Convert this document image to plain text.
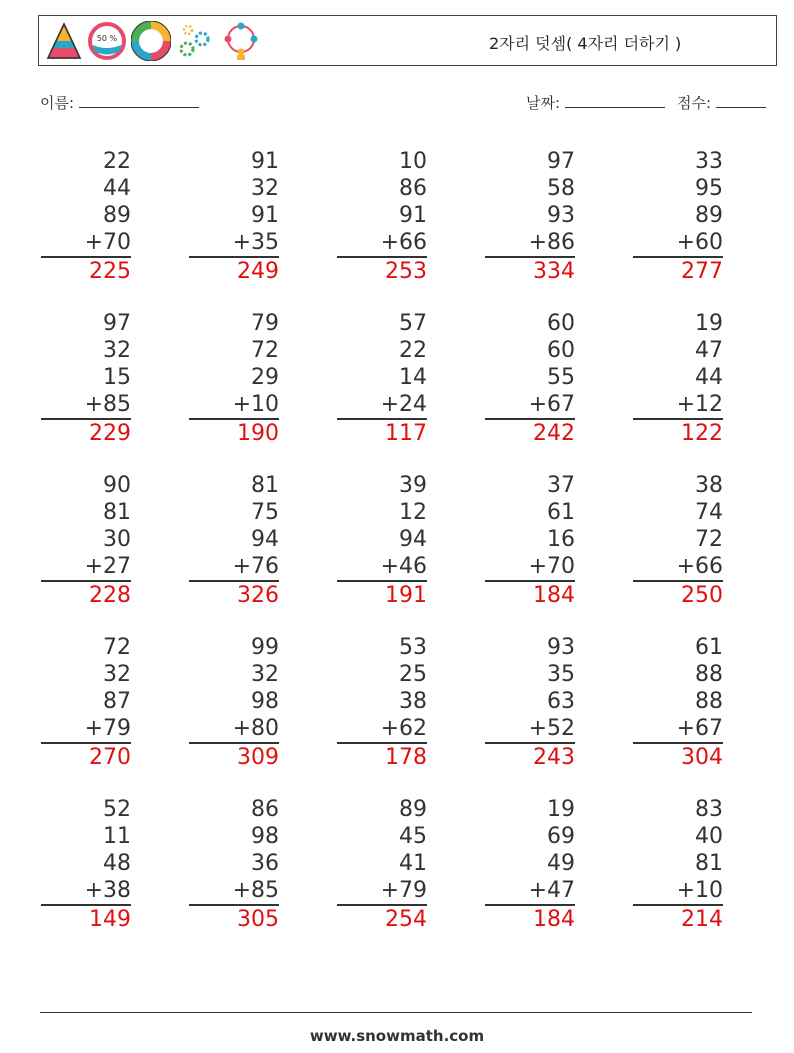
50 %	2자리 덧셈( 4자리 더하기 )
이름:	날짜:	점수:
22
44
89
+70
225
91
32
91
+35
249
10
86
91
+66
253
97
58
93
+86
334
33
95
89
+60
277
97
32
15
+85
229
79
72
29
+10
190
57
22
14
+24
117
60
60
55
+67
242
19
47
44
+12
122
90
81
30
+27
228
81
75
94
+76
326
39
12
94
+46
191
37
61
16
+70
184
38
74
72
+66
250
72
32
87
+79
270
99
32
98
+80
309
53
25
38
+62
178
93
35
63
+52
243
61
88
88
+67
304
52
11
48
+38
149
86
98
36
+85
305
89
45
41
+79
254
19
69
49
+47
184
83
40
81
+10
214
www.snowmath.com
